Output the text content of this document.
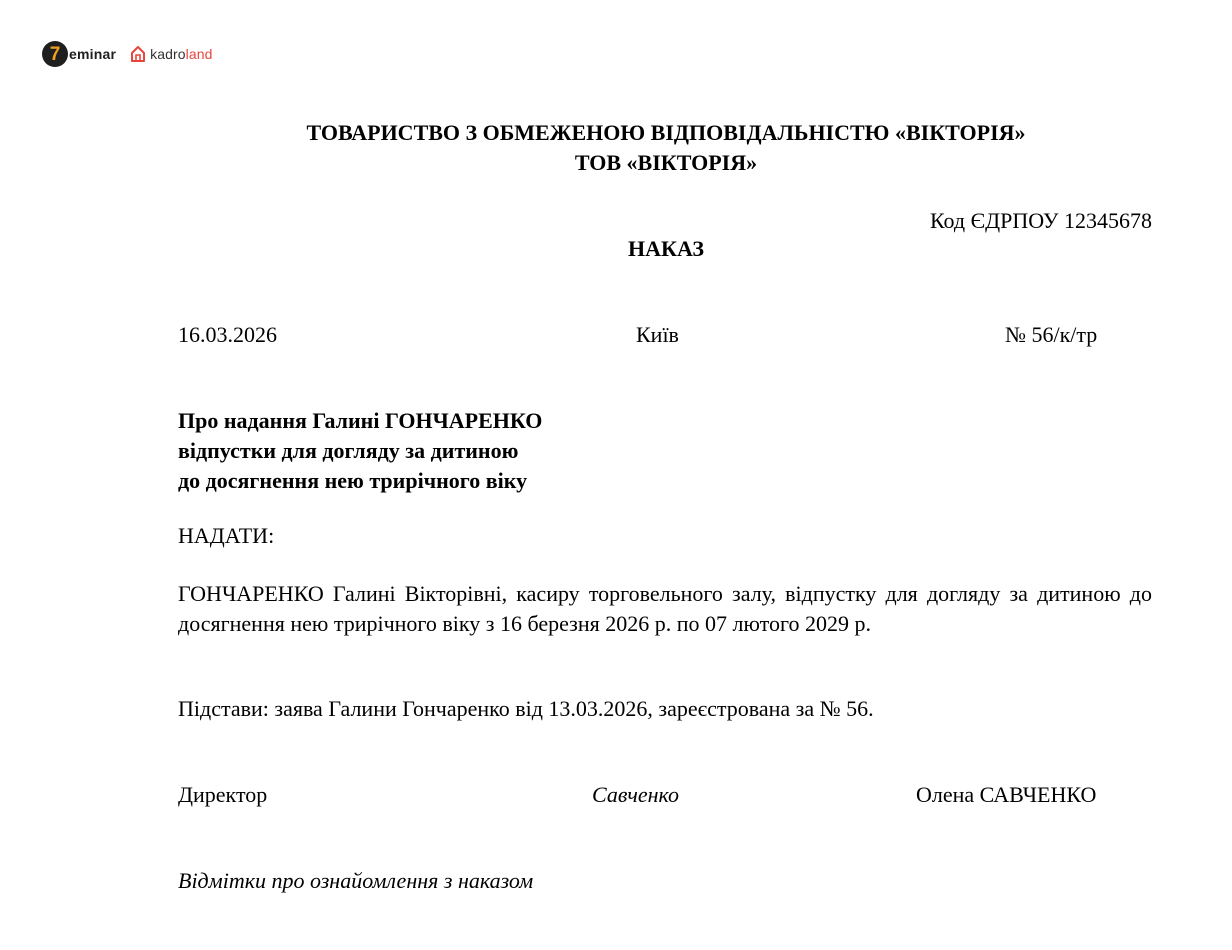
7 eminar kadroland
ТОВАРИСТВО З ОБМЕЖЕНОЮ ВІДПОВІДАЛЬНІСТЮ «ВІКТОРІЯ»
ТОВ «ВІКТОРІЯ»
Код ЄДРПОУ 12345678
НАКАЗ
16.03.2026	Київ	№ 56/к/тр
Про надання Галині ГОНЧАРЕНКО
відпустки для догляду за дитиною
до досягнення нею трирічного віку
НАДАТИ:
ГОНЧАРЕНКО Галині Вікторівні, касиру торговельного залу, відпустку для догляду за дитиною до досягнення нею трирічного віку з 16 березня 2026 р. по 07 лютого 2029 р.
Підстави: заява Галини Гончаренко від 13.03.2026, зареєстрована за № 56.
Директор	Савченко	Олена САВЧЕНКО
Відмітки про ознайомлення з наказом
